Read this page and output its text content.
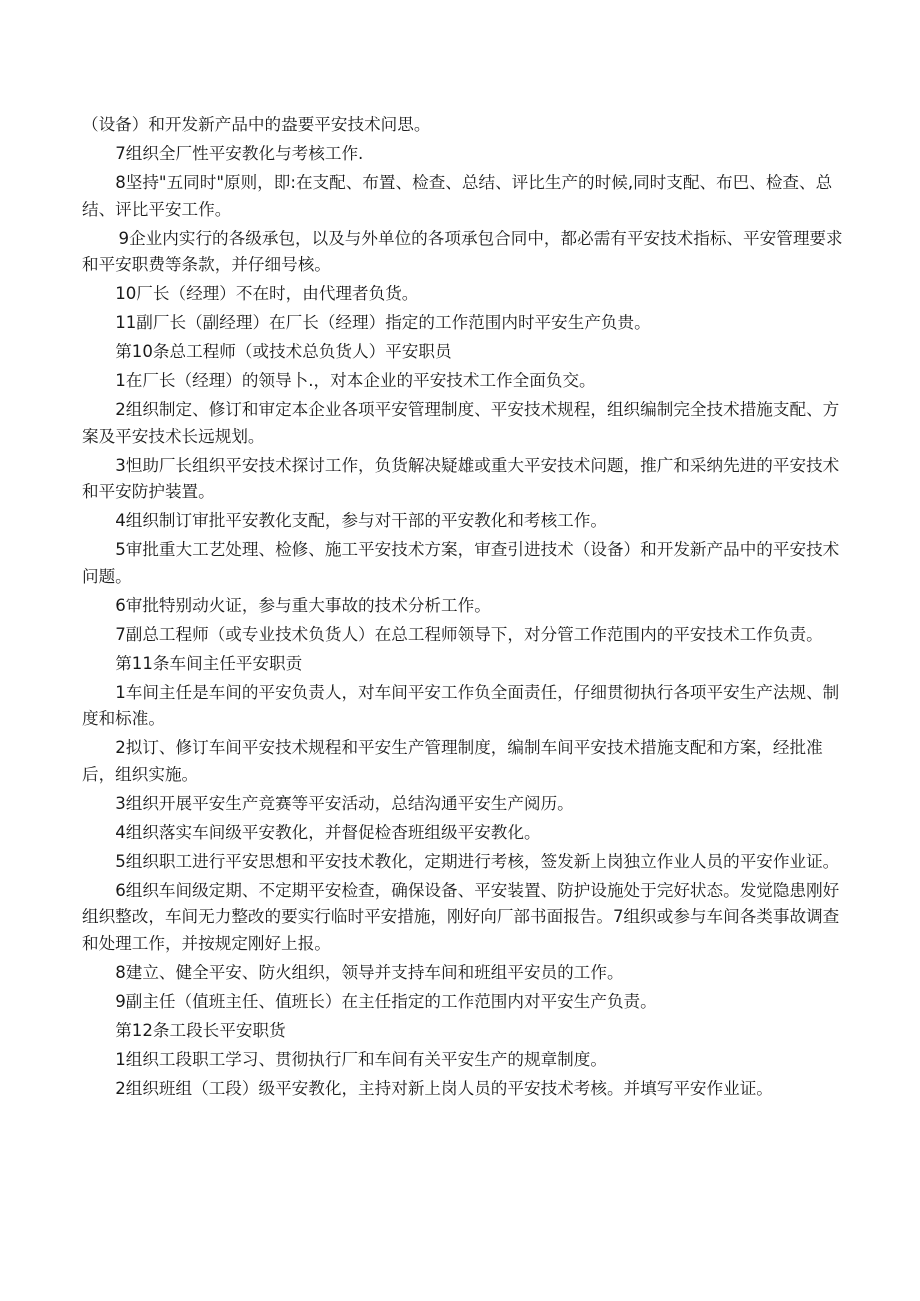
（设备）和开发新产品中的盎要平安技术问思。

7组织全厂性平安教化与考核工作.

8坚持"五同时"原则，即:在支配、布置、检查、总结、评比生产的时候,同时支配、布巴、检查、总结、评比平安工作。

9企业内实行的各级承包，以及与外单位的各项承包合同中，都必需有平安技术指标、平安管理要求和平安职费等条款，并仔细号核。

10厂长（经理）不在时，由代理者负货。

11副厂长（副经理）在厂长（经理）指定的工作范围内时平安生产负贵。

第10条总工程师（或技术总负货人）平安职员

1在厂长（经理）的领导卜.，对本企业的平安技术工作全面负交。

2组织制定、修订和审定本企业各项平安管理制度、平安技术规程，组织编制完全技术措施支配、方案及平安技术长远规划。

3怛助厂长组织平安技术探讨工作，负货解决疑雄或重大平安技术问题，推广和采纳先进的平安技术和平安防护装置。

4组织制订审批平安教化支配，参与对干部的平安教化和考核工作。

5审批重大工艺处理、检修、施工平安技术方案，审查引进技术（设备）和开发新产品中的平安技术问题。

6审批特别动火证，参与重大事故的技术分析工作。

7副总工程师（或专业技术负货人）在总工程师领导下，对分管工作范围内的平安技术工作负责。

第11条车间主任平安职贡

1车间主任是车间的平安负责人，对车间平安工作负全面责任，仔细贯彻执行各项平安生产法规、制度和标准。

2拟订、修订车间平安技术规程和平安生产管理制度，编制车间平安技术措施支配和方案，经批准后，组织实施。

3组织开展平安生产竞赛等平安活动，总结沟通平安生产阅历。

4组织落实车间级平安教化，并督促检杳班组级平安教化。

5组织职工进行平安思想和平安技术教化，定期进行考核，签发新上岗独立作业人员的平安作业证。

6组织车间级定期、不定期平安检查，确保设备、平安装置、防护设施处于完好状态。发觉隐患刚好组织整改，车间无力整改的要实行临时平安措施，刚好向厂部书面报告。7组织或参与车间各类事故调查和处理工作，并按规定刚好上报。

8建立、健全平安、防火组织，领导并支持车间和班组平安员的工作。

9副主任（值班主任、值班长）在主任指定的工作范围内对平安生产负责。

第12条工段长平安职货

1组织工段职工学习、贯彻执行厂和车间有关平安生产的规章制度。

2组织班组（工段）级平安教化，主持对新上岗人员的平安技术考核。并填写平安作业证。
